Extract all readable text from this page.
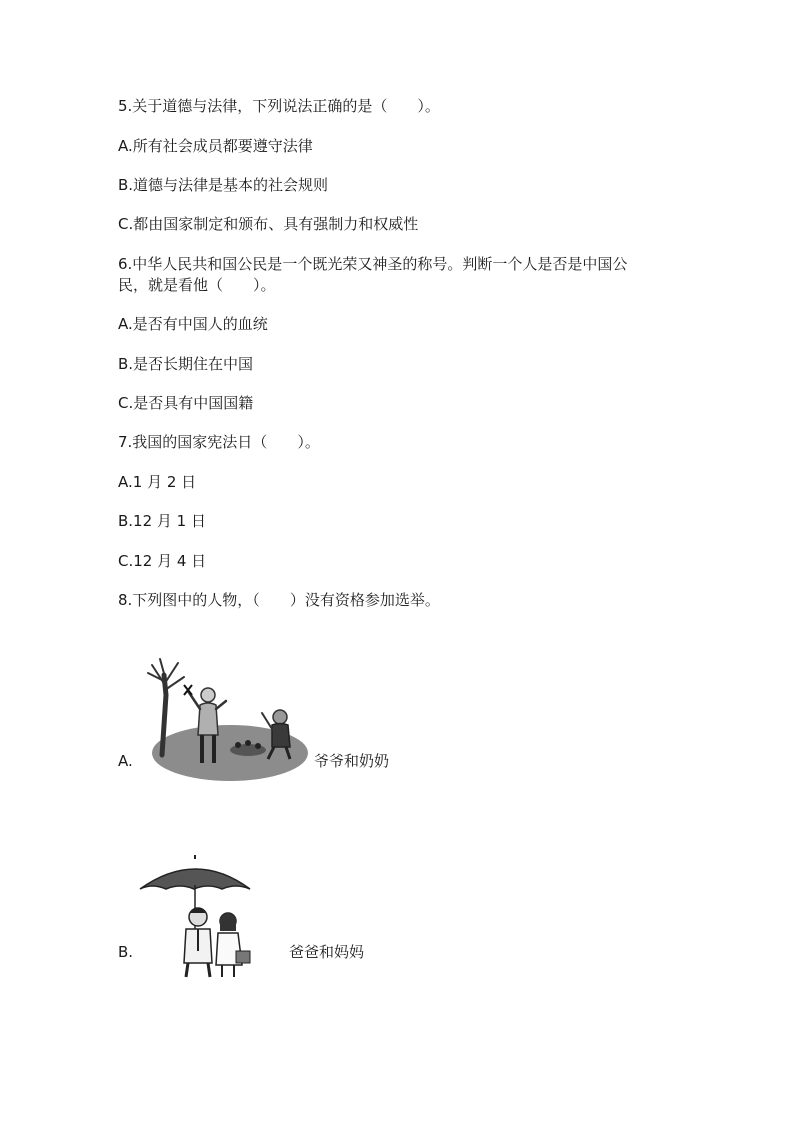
5.关于道德与法律，下列说法正确的是（　　）。
A.所有社会成员都要遵守法律
B.道德与法律是基本的社会规则
C.都由国家制定和颁布、具有强制力和权威性
6.中华人民共和国公民是一个既光荣又神圣的称号。判断一个人是否是中国公
民，就是看他（　　）。
A.是否有中国人的血统
B.是否长期住在中国
C.是否具有中国国籍
7.我国的国家宪法日（　　）。
A.1 月 2 日
B.12 月 1 日
C.12 月 4 日
8.下列图中的人物，（　　）没有资格参加选举。
A.	爷爷和奶奶
B.	爸爸和妈妈
